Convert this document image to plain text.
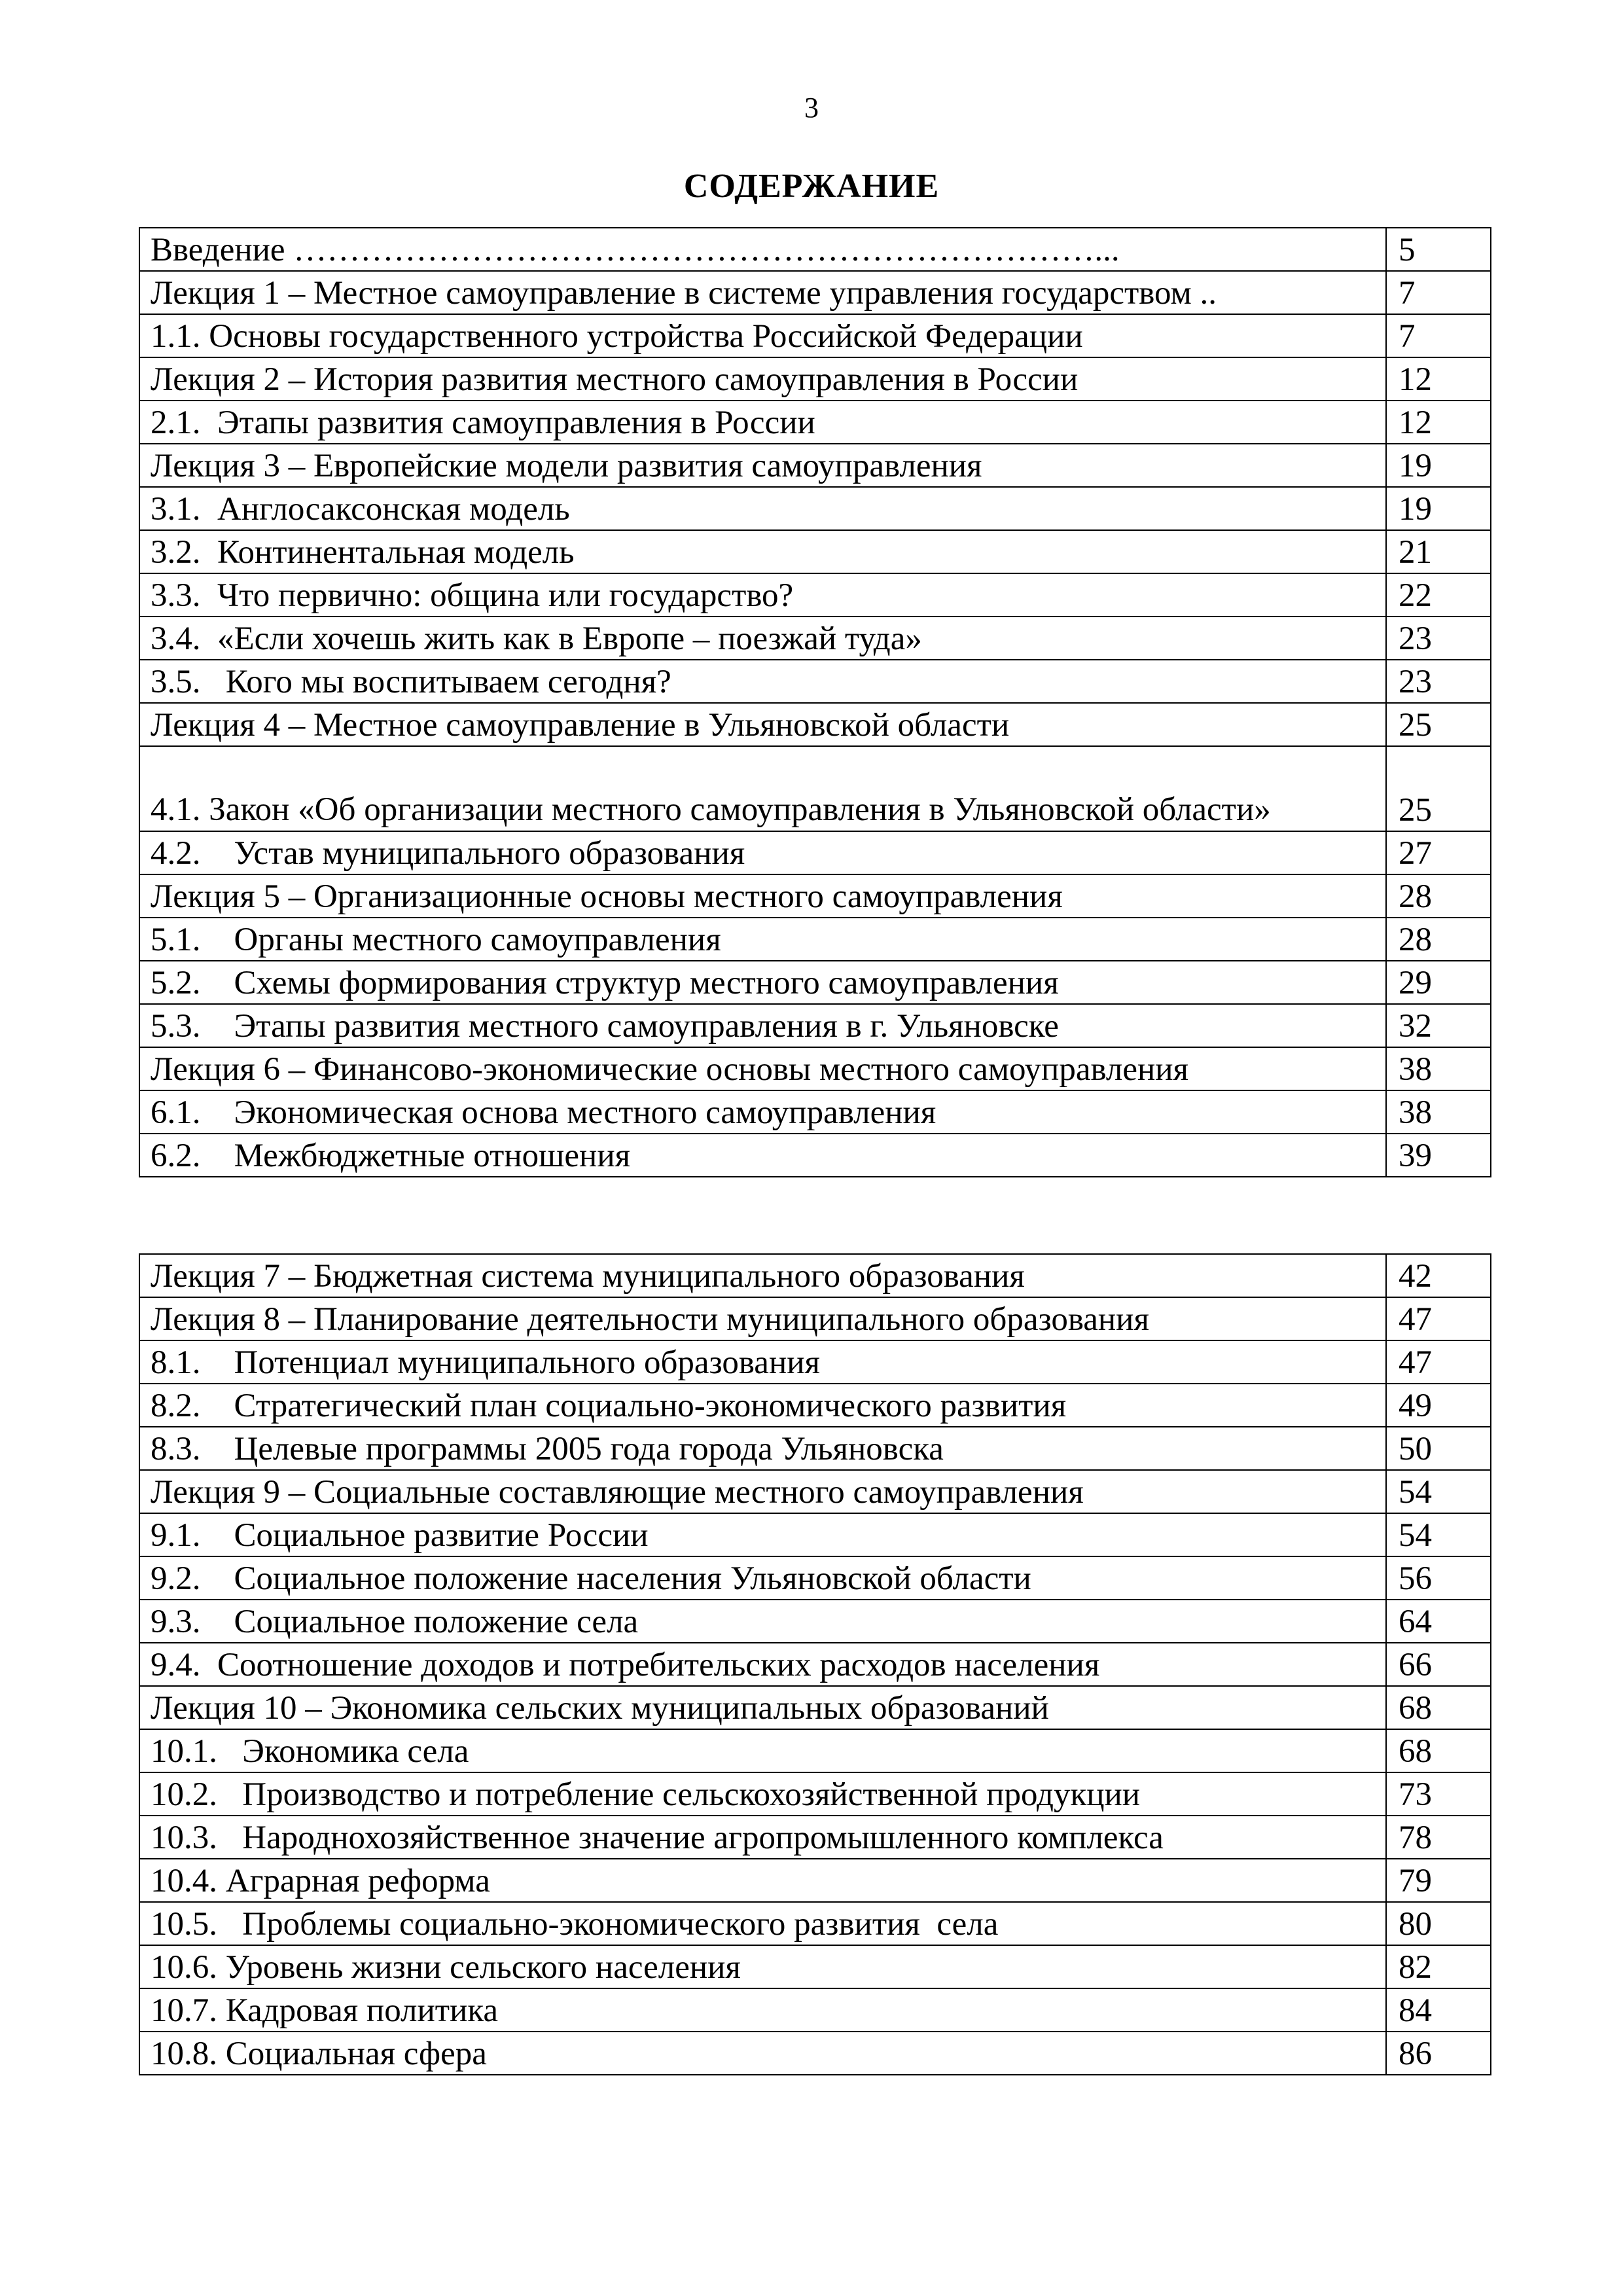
3
СОДЕРЖАНИЕ
Введение ………………………………………………………………...	5
Лекция 1 – Местное самоуправление в системе управления государством ..	7
1.1. Основы государственного устройства Российской Федерации	7
Лекция 2 – История развития местного самоуправления в России	12
2.1.  Этапы развития самоуправления в России	12
Лекция 3 – Европейские модели развития самоуправления	19
3.1.  Англосаксонская модель	19
3.2.  Континентальная модель	21
3.3.  Что первично: община или государство?	22
3.4.  «Если хочешь жить как в Европе – поезжай туда»	23
3.5.   Кого мы воспитываем сегодня?	23
Лекция 4 – Местное самоуправление в Ульяновской области	25
4.1. Закон «Об организации местного самоуправления в Ульяновской области»	25
4.2.    Устав муниципального образования	27
Лекция 5 – Организационные основы местного самоуправления	28
5.1.    Органы местного самоуправления	28
5.2.    Схемы формирования структур местного самоуправления	29
5.3.    Этапы развития местного самоуправления в г. Ульяновске	32
Лекция 6 – Финансово-экономические основы местного самоуправления	38
6.1.    Экономическая основа местного самоуправления	38
6.2.    Межбюджетные отношения	39
Лекция 7 – Бюджетная система муниципального образования	42
Лекция 8 – Планирование деятельности муниципального образования	47
8.1.    Потенциал муниципального образования	47
8.2.    Стратегический план социально-экономического развития	49
8.3.    Целевые программы 2005 года города Ульяновска	50
Лекция 9 – Социальные составляющие местного самоуправления	54
9.1.    Социальное развитие России	54
9.2.    Социальное положение населения Ульяновской области	56
9.3.    Социальное положение села	64
9.4.  Соотношение доходов и потребительских расходов населения	66
Лекция 10 – Экономика сельских муниципальных образований	68
10.1.   Экономика села	68
10.2.   Производство и потребление сельскохозяйственной продукции	73
10.3.   Народнохозяйственное значение агропромышленного комплекса	78
10.4. Аграрная реформа	79
10.5.   Проблемы социально-экономического развития  села	80
10.6. Уровень жизни сельского населения	82
10.7. Кадровая политика	84
10.8. Социальная сфера	86
